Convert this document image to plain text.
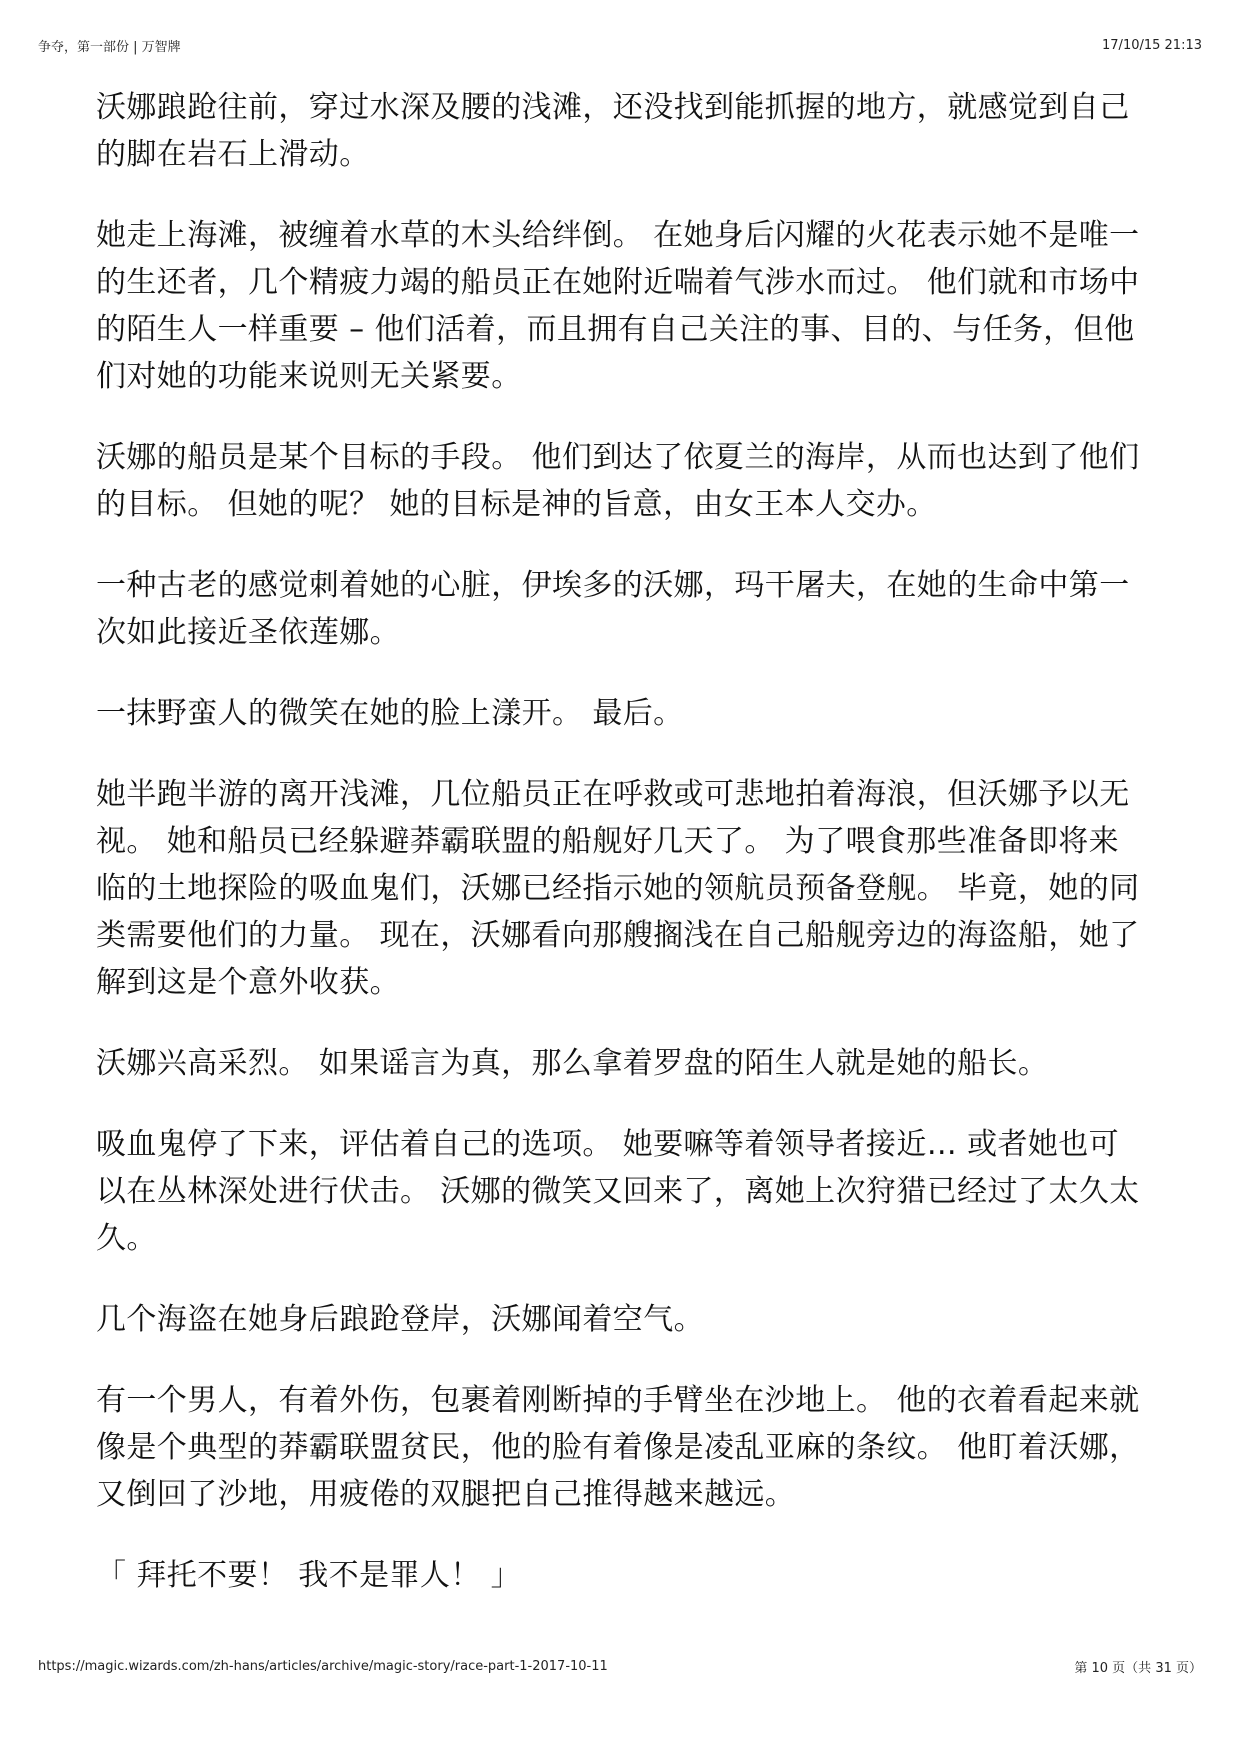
争夺，第一部份 | 万智牌	17/10/15 21:13

沃娜踉跄往前，穿过水深及腰的浅滩，还没找到能抓握的地方，就感觉到自己的脚在岩石上滑动。

她走上海滩，被缠着水草的木头给绊倒。 在她身后闪耀的火花表示她不是唯一的生还者，几个精疲力竭的船员正在她附近喘着气涉水而过。 他们就和市场中的陌生人一样重要 – 他们活着，而且拥有自己关注的事、目的、与任务，但他们对她的功能来说则无关紧要。

沃娜的船员是某个目标的手段。 他们到达了依夏兰的海岸，从而也达到了他们的目标。 但她的呢？ 她的目标是神的旨意，由女王本人交办。

一种古老的感觉刺着她的心脏，伊埃多的沃娜，玛干屠夫，在她的生命中第一次如此接近圣依莲娜。

一抹野蛮人的微笑在她的脸上漾开。 最后。

她半跑半游的离开浅滩，几位船员正在呼救或可悲地拍着海浪，但沃娜予以无视。 她和船员已经躲避莽霸联盟的船舰好几天了。 为了喂食那些准备即将来临的土地探险的吸血鬼们，沃娜已经指示她的领航员预备登舰。 毕竟，她的同类需要他们的力量。 现在，沃娜看向那艘搁浅在自己船舰旁边的海盗船，她了解到这是个意外收获。

沃娜兴高采烈。 如果谣言为真，那么拿着罗盘的陌生人就是她的船长。

吸血鬼停了下来，评估着自己的选项。 她要嘛等着领导者接近… 或者她也可以在丛林深处进行伏击。 沃娜的微笑又回来了，离她上次狩猎已经过了太久太久。

几个海盗在她身后踉跄登岸，沃娜闻着空气。

有一个男人，有着外伤，包裹着刚断掉的手臂坐在沙地上。 他的衣着看起来就像是个典型的莽霸联盟贫民，他的脸有着像是凌乱亚麻的条纹。 他盯着沃娜，又倒回了沙地，用疲倦的双腿把自己推得越来越远。

「 拜托不要！ 我不是罪人！ 」

https://magic.wizards.com/zh-hans/articles/archive/magic-story/race-part-1-2017-10-11	第 10 页（共 31 页）
